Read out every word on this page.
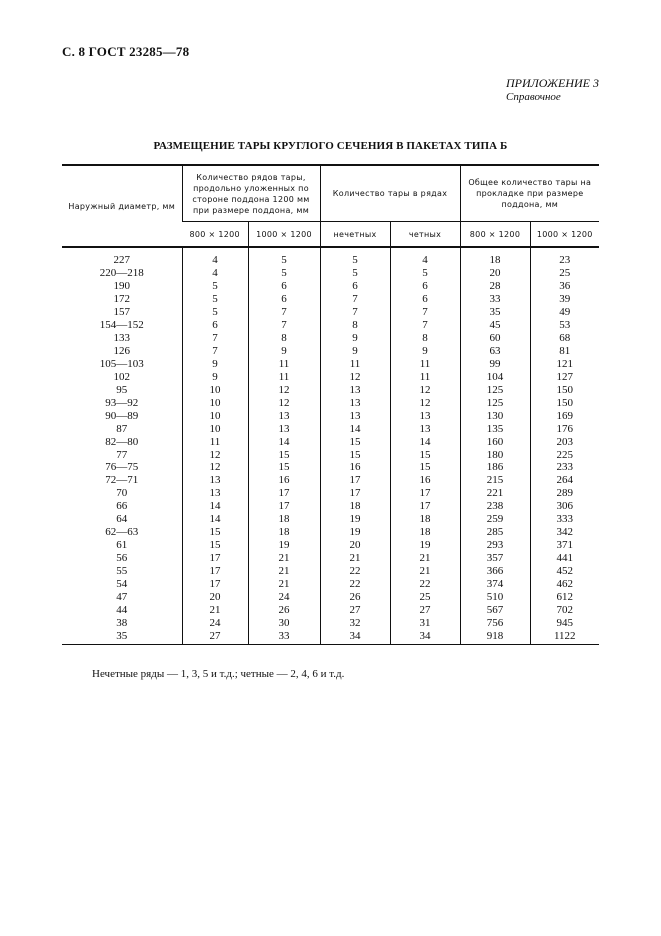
С. 8 ГОСТ 23285—78
ПРИЛОЖЕНИЕ 3
Справочное
РАЗМЕЩЕНИЕ ТАРЫ КРУГЛОГО СЕЧЕНИЯ В ПАКЕТАХ ТИПА Б
Наружный диаметр, мм	Количество рядов тары, продольно уложенных по стороне поддона 1200 мм при размере поддона, мм		Количество тары в рядах		Общее количество тары на прокладке при размере поддона, мм	
	800 × 1200	1000 × 1200	нечетных	четных	800 × 1200	1000 × 1200
227	4	5	5	4	18	23
220—218	4	5	5	5	20	25
190	5	6	6	6	28	36
172	5	6	7	6	33	39
157	5	7	7	7	35	49
154—152	6	7	8	7	45	53
133	7	8	9	8	60	68
126	7	9	9	9	63	81
105—103	9	11	11	11	99	121
102	9	11	12	11	104	127
95	10	12	13	12	125	150
93—92	10	12	13	12	125	150
90—89	10	13	13	13	130	169
87	10	13	14	13	135	176
82—80	11	14	15	14	160	203
77	12	15	15	15	180	225
76—75	12	15	16	15	186	233
72—71	13	16	17	16	215	264
70	13	17	17	17	221	289
66	14	17	18	17	238	306
64	14	18	19	18	259	333
62—63	15	18	19	18	285	342
61	15	19	20	19	293	371
56	17	21	21	21	357	441
55	17	21	22	21	366	452
54	17	21	22	22	374	462
47	20	24	26	25	510	612
44	21	26	27	27	567	702
38	24	30	32	31	756	945
35	27	33	34	34	918	1122
Нечетные ряды — 1, 3, 5 и т.д.; четные — 2, 4, 6 и т.д.
